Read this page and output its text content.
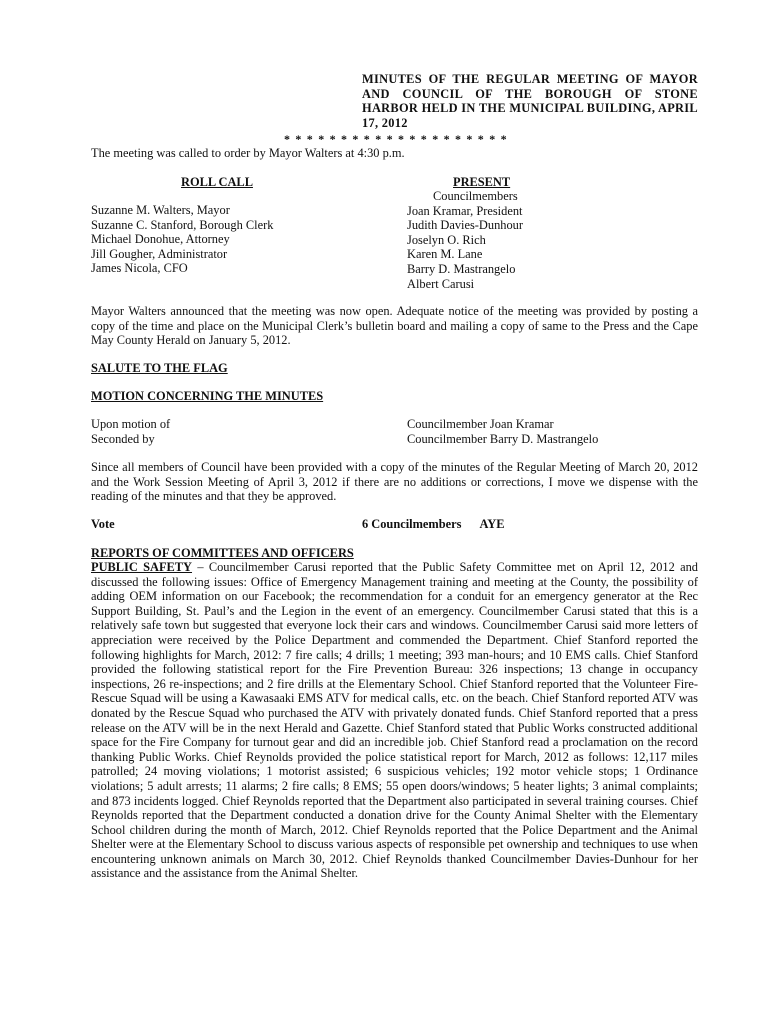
MINUTES OF THE REGULAR MEETING OF MAYOR AND COUNCIL OF THE BOROUGH OF STONE HARBOR HELD IN THE MUNICIPAL BUILDING, APRIL 17, 2012
* * * * * * * * * * * * * * * * * * * *
The meeting was called to order by Mayor Walters at 4:30 p.m.
ROLL CALL	PRESENT
Suzanne M. Walters, Mayor
Suzanne C. Stanford, Borough Clerk
Michael Donohue, Attorney
Jill Gougher, Administrator
James Nicola, CFO
Councilmembers
Joan Kramar, President
Judith Davies-Dunhour
Joselyn O. Rich
Karen M. Lane
Barry D. Mastrangelo
Albert Carusi
Mayor Walters announced that the meeting was now open. Adequate notice of the meeting was provided by posting a copy of the time and place on the Municipal Clerk’s bulletin board and mailing a copy of same to the Press and the Cape May County Herald on January 5, 2012.
SALUTE TO THE FLAG
MOTION CONCERNING THE MINUTES
Upon motion of
Seconded by
Councilmember Joan Kramar
Councilmember Barry D. Mastrangelo
Since all members of Council have been provided with a copy of the minutes of the Regular Meeting of March 20, 2012 and the Work Session Meeting of April 3, 2012 if there are no additions or corrections, I move we dispense with the reading of the minutes and that they be approved.
Vote	6 Councilmembers AYE
REPORTS OF COMMITTEES AND OFFICERS
PUBLIC SAFETY – Councilmember Carusi reported that the Public Safety Committee met on April 12, 2012 and discussed the following issues: Office of Emergency Management training and meeting at the County, the possibility of adding OEM information on our Facebook; the recommendation for a conduit for an emergency generator at the Rec Support Building, St. Paul’s and the Legion in the event of an emergency. Councilmember Carusi stated that this is a relatively safe town but suggested that everyone lock their cars and windows. Councilmember Carusi said more letters of appreciation were received by the Police Department and commended the Department. Chief Stanford reported the following highlights for March, 2012: 7 fire calls; 4 drills; 1 meeting; 393 man-hours; and 10 EMS calls. Chief Stanford provided the following statistical report for the Fire Prevention Bureau: 326 inspections; 13 change in occupancy inspections, 26 re-inspections; and 2 fire drills at the Elementary School. Chief Stanford reported that the Volunteer Fire-Rescue Squad will be using a Kawasaaki EMS ATV for medical calls, etc. on the beach. Chief Stanford reported ATV was donated by the Rescue Squad who purchased the ATV with privately donated funds. Chief Stanford reported that a press release on the ATV will be in the next Herald and Gazette. Chief Stanford stated that Public Works constructed additional space for the Fire Company for turnout gear and did an incredible job. Chief Stanford read a proclamation on the record thanking Public Works. Chief Reynolds provided the police statistical report for March, 2012 as follows: 12,117 miles patrolled; 24 moving violations; 1 motorist assisted; 6 suspicious vehicles; 192 motor vehicle stops; 1 Ordinance violations; 5 adult arrests; 11 alarms; 2 fire calls; 8 EMS; 55 open doors/windows; 5 heater lights; 3 animal complaints; and 873 incidents logged. Chief Reynolds reported that the Department also participated in several training courses. Chief Reynolds reported that the Department conducted a donation drive for the County Animal Shelter with the Elementary School children during the month of March, 2012. Chief Reynolds reported that the Police Department and the Animal Shelter were at the Elementary School to discuss various aspects of responsible pet ownership and techniques to use when encountering unknown animals on March 30, 2012. Chief Reynolds thanked Councilmember Davies-Dunhour for her assistance and the assistance from the Animal Shelter.
